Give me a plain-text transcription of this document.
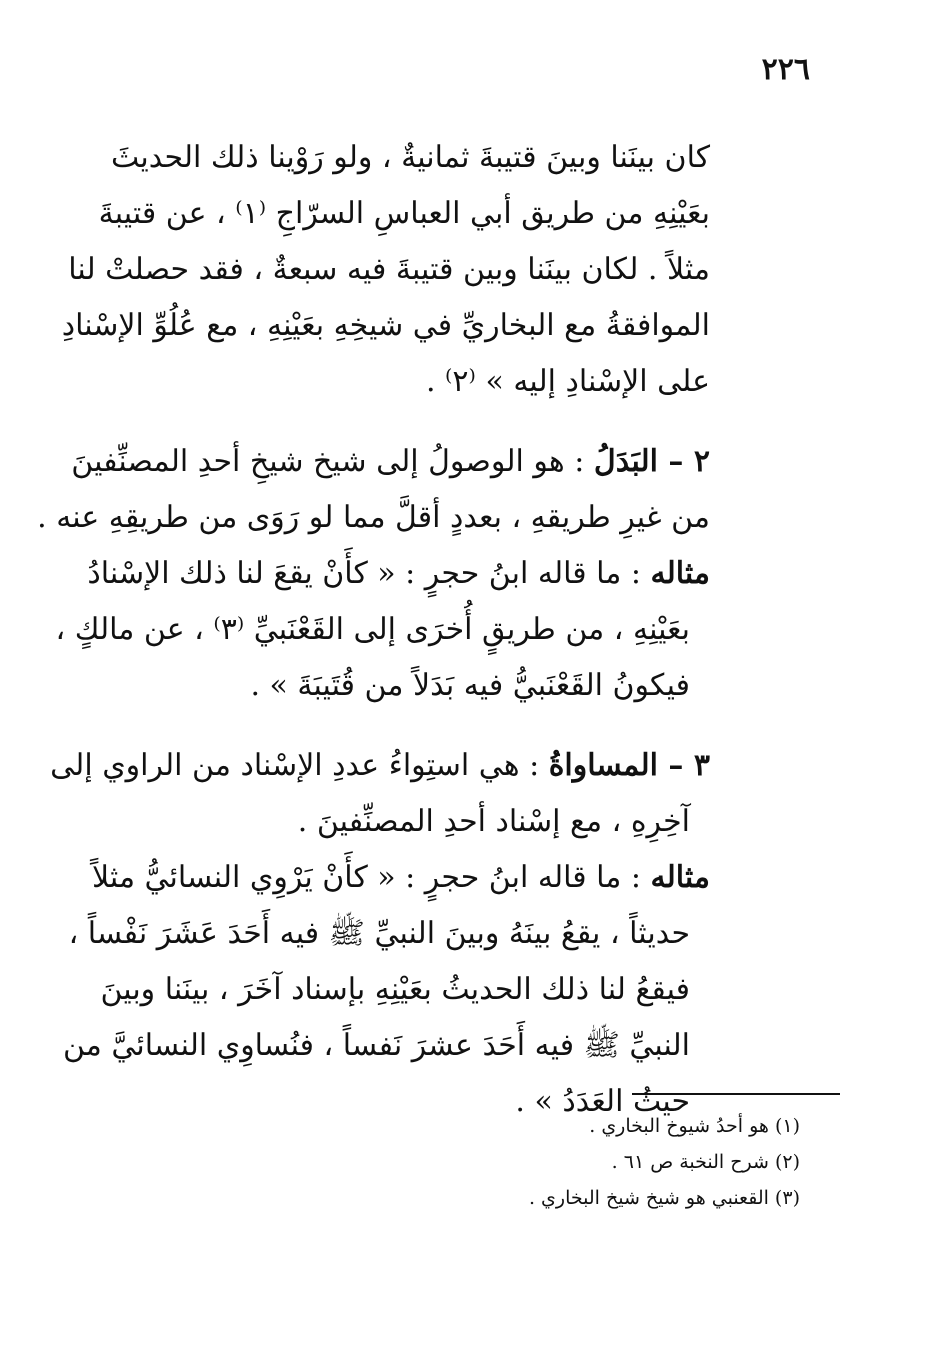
٢٢٦
كان بينَنا وبينَ قتيبةَ ثمانيةٌ ، ولو رَوْينا ذلك الحديثَ
بعَيْنِهِ من طريق أبي العباسِ السرّاجِ ⁽١⁾ ، عن قتيبةَ
مثلاً . لكان بينَنا وبين قتيبةَ فيه سبعةٌ ، فقد حصلتْ لنا
الموافقةُ مع البخاريِّ في شيخِهِ بعَيْنِهِ ، مع عُلُوِّ الإسْنادِ
على الإسْنادِ إليه » ⁽٢⁾ .
٢ – البَدَلُ : هو الوصولُ إلى شيخ شيخِ أحدِ المصنِّفينَ
من غيرِ طريقهِ ، بعددٍ أقلَّ مما لو رَوَى من طريقِهِ عنه .
مثاله : ما قاله ابنُ حجرٍ : « كأَنْ يقعَ لنا ذلك الإسْنادُ
بعَيْنِهِ ، من طريقٍ أُخرَى إلى القَعْنَبيِّ ⁽٣⁾ ، عن مالكٍ ،
فيكونُ القَعْنَبيُّ فيه بَدَلاً من قُتَيبَةَ » .
٣ – المساواةُ : هي استِواءُ عددِ الإسْناد من الراوي إلى
آخِرِهِ ، مع إسْناد أحدِ المصنِّفينَ .
مثاله : ما قاله ابنُ حجرٍ : « كأَنْ يَرْوِي النسائيُّ مثلاً
حديثاً ، يقعُ بينَهُ وبينَ النبيِّ ﷺ فيه أَحَدَ عَشَرَ نَفْساً ،
فيقعُ لنا ذلك الحديثُ بعَيْنِهِ بإسناد آخَرَ ، بينَنا وبينَ
النبيِّ ﷺ فيه أَحَدَ عشرَ نَفساً ، فنُساوِي النسائيَّ من
حيثُ العَدَدُ » .
(١) هو أحدُ شيوخ البخاري .
(٢) شرح النخبة ص ٦١ .
(٣) القعنبي هو شيخ شيخ البخاري .
